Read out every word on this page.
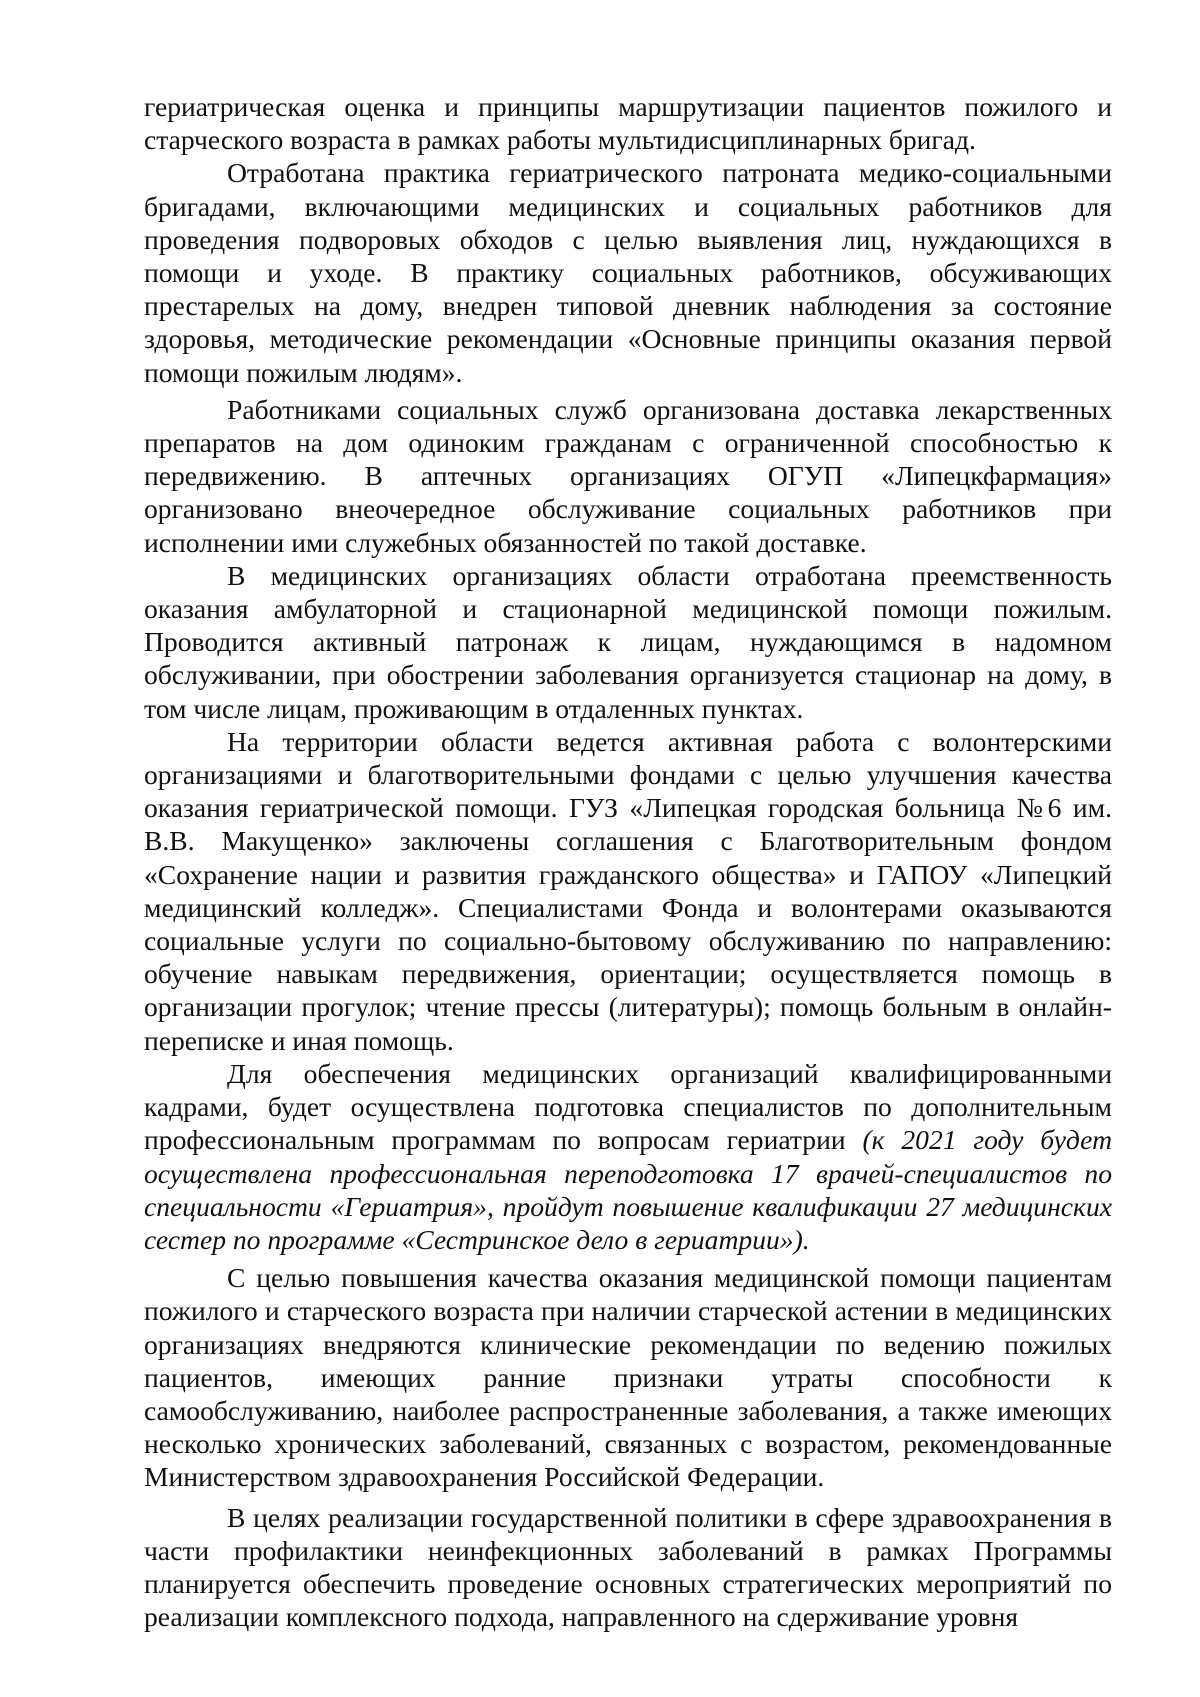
гериатрическая оценка и принципы маршрутизации пациентов пожилого и старческого возраста в рамках работы мультидисциплинарных бригад.

Отработана практика гериатрического патроната медико-социальными бригадами, включающими медицинских и социальных работников для проведения подворовых обходов с целью выявления лиц, нуждающихся в помощи и уходе. В практику социальных работников, обсуживающих престарелых на дому, внедрен типовой дневник наблюдения за состояние здоровья, методические рекомендации «Основные принципы оказания первой помощи пожилым людям».

Работниками социальных служб организована доставка лекарственных препаратов на дом одиноким гражданам с ограниченной способностью к передвижению. В аптечных организациях ОГУП «Липецкфармация» организовано внеочередное обслуживание социальных работников при исполнении ими служебных обязанностей по такой доставке.

В медицинских организациях области отработана преемственность оказания амбулаторной и стационарной медицинской помощи пожилым. Проводится активный патронаж к лицам, нуждающимся в надомном обслуживании, при обострении заболевания организуется стационар на дому, в том числе лицам, проживающим в отдаленных пунктах.

На территории области ведется активная работа с волонтерскими организациями и благотворительными фондами с целью улучшения качества оказания гериатрической помощи. ГУЗ «Липецкая городская больница №6 им. В.В. Макущенко» заключены соглашения с Благотворительным фондом «Сохранение нации и развития гражданского общества» и ГАПОУ «Липецкий медицинский колледж». Специалистами Фонда и волонтерами оказываются социальные услуги по социально-бытовому обслуживанию по направлению: обучение навыкам передвижения, ориентации; осуществляется помощь в организации прогулок; чтение прессы (литературы); помощь больным в онлайн-переписке и иная помощь.

Для обеспечения медицинских организаций квалифицированными кадрами, будет осуществлена подготовка специалистов по дополнительным профессиональным программам по вопросам гериатрии (к 2021 году будет осуществлена профессиональная переподготовка 17 врачей-специалистов по специальности «Гериатрия», пройдут повышение квалификации 27 медицинских сестер по программе «Сестринское дело в гериатрии»).

С целью повышения качества оказания медицинской помощи пациентам пожилого и старческого возраста при наличии старческой астении в медицинских организациях внедряются клинические рекомендации по ведению пожилых пациентов, имеющих ранние признаки утраты способности к самообслуживанию, наиболее распространенные заболевания, а также имеющих несколько хронических заболеваний, связанных с возрастом, рекомендованные Министерством здравоохранения Российской Федерации.

В целях реализации государственной политики в сфере здравоохранения в части профилактики неинфекционных заболеваний в рамках Программы планируется обеспечить проведение основных стратегических мероприятий по реализации комплексного подхода, направленного на сдерживание уровня
